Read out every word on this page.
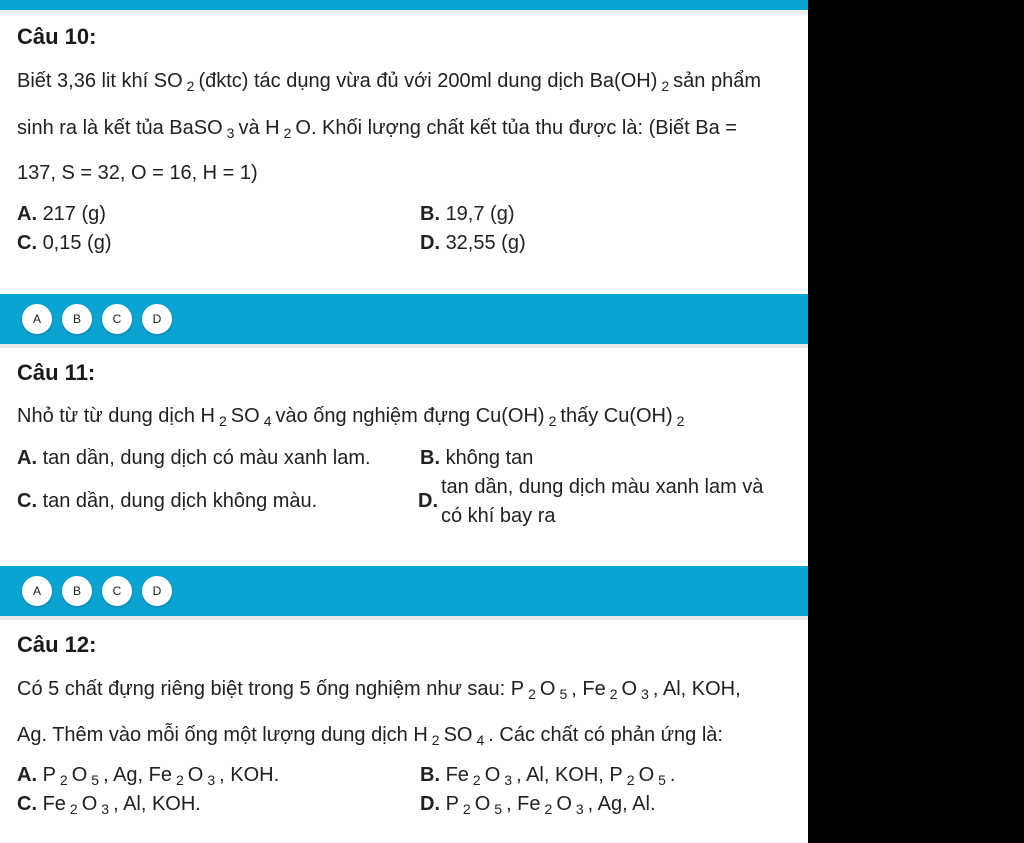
Câu 10:
Biết 3,36 lit khí SO $_2$ (đktc) tác dụng vừa đủ với 200ml dung dịch Ba(OH) $_2$ sản phẩm
sinh ra là kết tủa BaSO $_3$ và H $_2$ O. Khối lượng chất kết tủa thu được là: (Biết Ba =
137, S = 32, O = 16, H = 1)
A. 217 (g)	B. 19,7 (g)
C. 0,15 (g)	D. 32,55 (g)
A	B	C	D
Câu 11:
Nhỏ từ từ dung dịch H $_2$ SO $_4$ vào ống nghiệm đựng Cu(OH) $_2$ thấy Cu(OH) $_2$
A. tan dần, dung dịch có màu xanh lam. B. không tan
C. tan dần, dung dịch không màu.	D.
tan dần, dung dịch màu xanh lam và
có khí bay ra
A	B	C	D
Câu 12:
Có 5 chất đựng riêng biệt trong 5 ống nghiệm như sau: P $_2$ O $_5$ , Fe $_2$ O $_3$ , Al, KOH,
Ag. Thêm vào mỗi ống một lượng dung dịch H $_2$ SO $_4$ . Các chất có phản ứng là:
A. P $_2$ O $_5$ , Ag, Fe $_2$ O $_3$ , KOH.	B. Fe $_2$ O $_3$ , Al, KOH, P $_2$ O $_5$ .
C. Fe $_2$ O $_3$ , Al, KOH.	D. P $_2$ O $_5$ , Fe $_2$ O $_3$ , Ag, Al.
